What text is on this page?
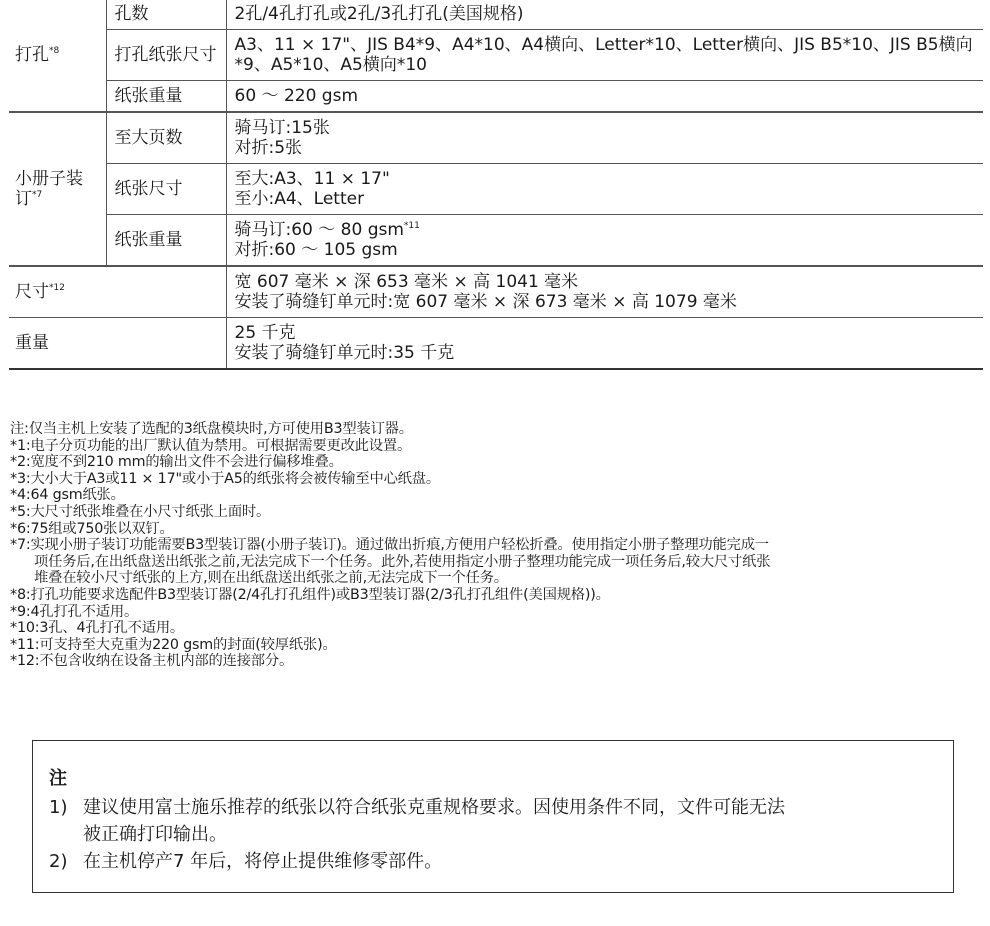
打孔$^{*8}$	孔数	2孔/4孔打孔或2孔/3孔打孔(美国规格)
	打孔纸张尺寸	A3、11 × 17"、JIS B4*9、A4*10、A4横向、Letter*10、Letter横向、JIS B5*10、JIS B5横向*9、A5*10、A5横向*10
	纸张重量	60 ～ 220 gsm
小册子装订$^{*7}$	至大页数	骑马订:15张
对折:5张

	纸张尺寸	至大:A3、11 × 17"
至小:A4、Letter

	纸张重量	骑马订:60 ～ 80 gsm$^{*11}$
对折:60 ～ 105 gsm

尺寸$^{*12}$		宽 607 毫米 × 深 653 毫米 × 高 1041 毫米
安装了骑缝钉单元时:宽 607 毫米 × 深 673 毫米 × 高 1079 毫米

重量		25 千克
安装了骑缝钉单元时:35 千克
注:仅当主机上安装了选配的3纸盘模块时,方可使用B3型装订器。
*1:电子分页功能的出厂默认值为禁用。可根据需要更改此设置。
*2:宽度不到210 mm的输出文件不会进行偏移堆叠。
*3:大小大于A3或11 × 17"或小于A5的纸张将会被传输至中心纸盘。
*4:64 gsm纸张。
*5:大尺寸纸张堆叠在小尺寸纸张上面时。
*6:75组或750张以双钉。
*7:实现小册子装订功能需要B3型装订器(小册子装订)。通过做出折痕,方便用户轻松折叠。使用指定小册子整理功能完成一
项任务后,在出纸盘送出纸张之前,无法完成下一个任务。此外,若使用指定小册子整理功能完成一项任务后,较大尺寸纸张
堆叠在较小尺寸纸张的上方,则在出纸盘送出纸张之前,无法完成下一个任务。
*8:打孔功能要求选配件B3型装订器(2/4孔打孔组件)或B3型装订器(2/3孔打孔组件(美国规格))。
*9:4孔打孔不适用。
*10:3孔、4孔打孔不适用。
*11:可支持至大克重为220 gsm的封面(较厚纸张)。
*12:不包含收纳在设备主机内部的连接部分。
注
1) 建议使用富士施乐推荐的纸张以符合纸张克重规格要求。因使用条件不同，文件可能无法
被正确打印输出。
2) 在主机停产7 年后，将停止提供维修零部件。
